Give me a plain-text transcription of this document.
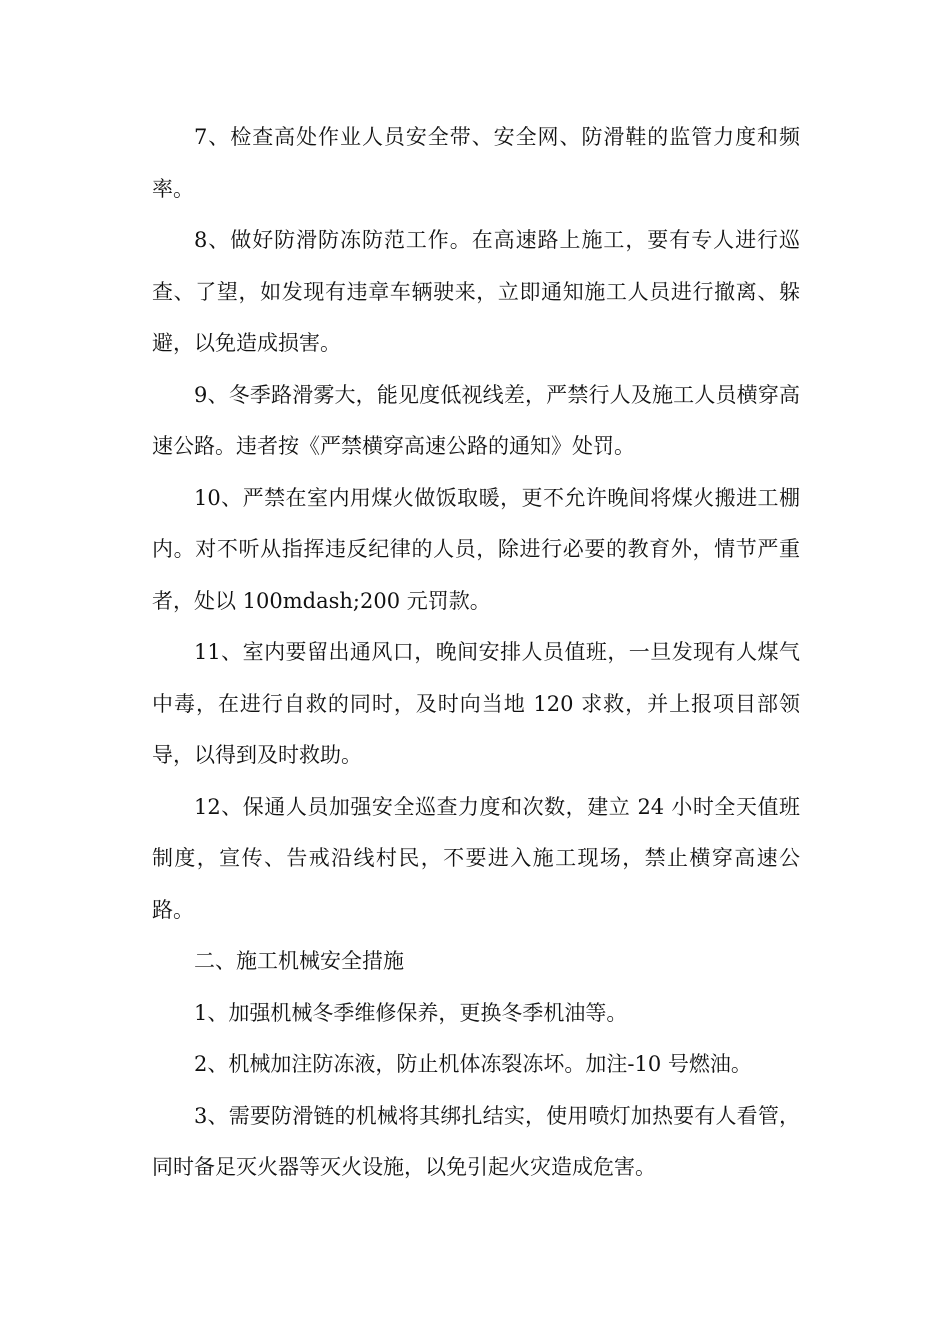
7、检查高处作业人员安全带、安全网、防滑鞋的监管力度和频率。

8、做好防滑防冻防范工作。在高速路上施工，要有专人进行巡查、了望，如发现有违章车辆驶来，立即通知施工人员进行撤离、躲避，以免造成损害。

9、冬季路滑雾大，能见度低视线差，严禁行人及施工人员横穿高速公路。违者按《严禁横穿高速公路的通知》处罚。

10、严禁在室内用煤火做饭取暖，更不允许晚间将煤火搬进工棚内。对不听从指挥违反纪律的人员，除进行必要的教育外，情节严重者，处以 100mdash;200 元罚款。

11、室内要留出通风口，晚间安排人员值班，一旦发现有人煤气中毒，在进行自救的同时，及时向当地 120 求救，并上报项目部领导，以得到及时救助。

12、保通人员加强安全巡查力度和次数，建立 24 小时全天值班制度，宣传、告戒沿线村民，不要进入施工现场，禁止横穿高速公路。

二、施工机械安全措施

1、加强机械冬季维修保养，更换冬季机油等。

2、机械加注防冻液，防止机体冻裂冻坏。加注-10 号燃油。

3、需要防滑链的机械将其绑扎结实，使用喷灯加热要有人看管，同时备足灭火器等灭火设施，以免引起火灾造成危害。
